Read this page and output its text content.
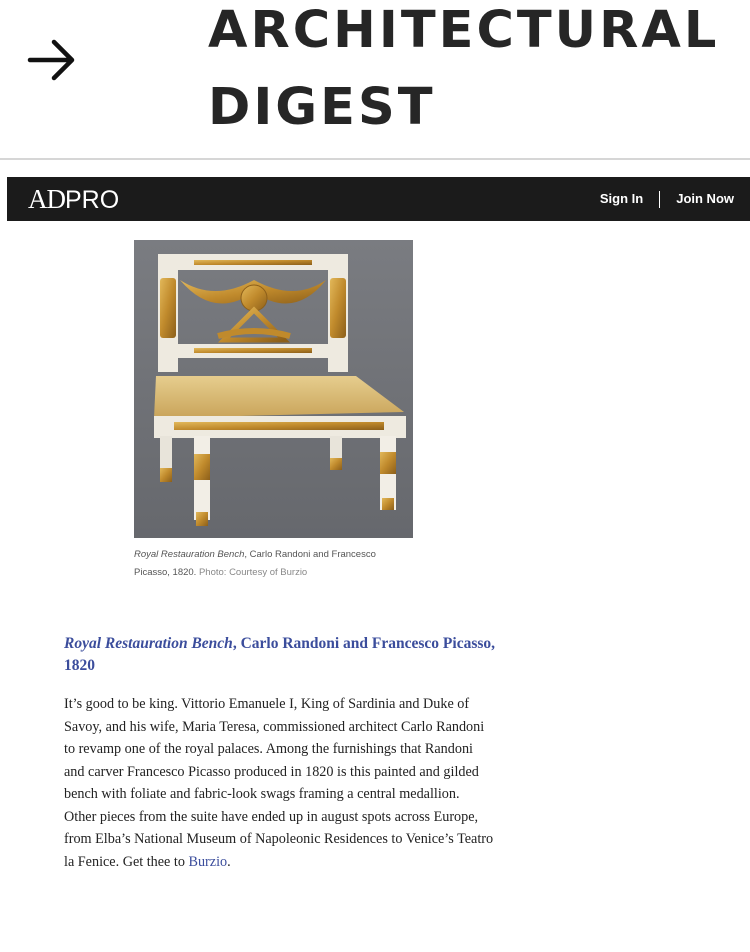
ARCHITECTURAL
DIGEST
ADPRO	Sign In	Join Now
Royal Restauration Bench, Carlo Randoni and Francesco Picasso, 1820. Photo: Courtesy of Burzio
Royal Restauration Bench, Carlo Randoni and Francesco Picasso, 1820
It’s good to be king. Vittorio Emanuele I, King of Sardinia and Duke of Savoy, and his wife, Maria Teresa, commissioned architect Carlo Randoni to revamp one of the royal palaces. Among the furnishings that Randoni and carver Francesco Picasso produced in 1820 is this painted and gilded bench with foliate and fabric-look swags framing a central medallion. Other pieces from the suite have ended up in august spots across Europe, from Elba’s National Museum of Napoleonic Residences to Venice’s Teatro la Fenice. Get thee to Burzio.
